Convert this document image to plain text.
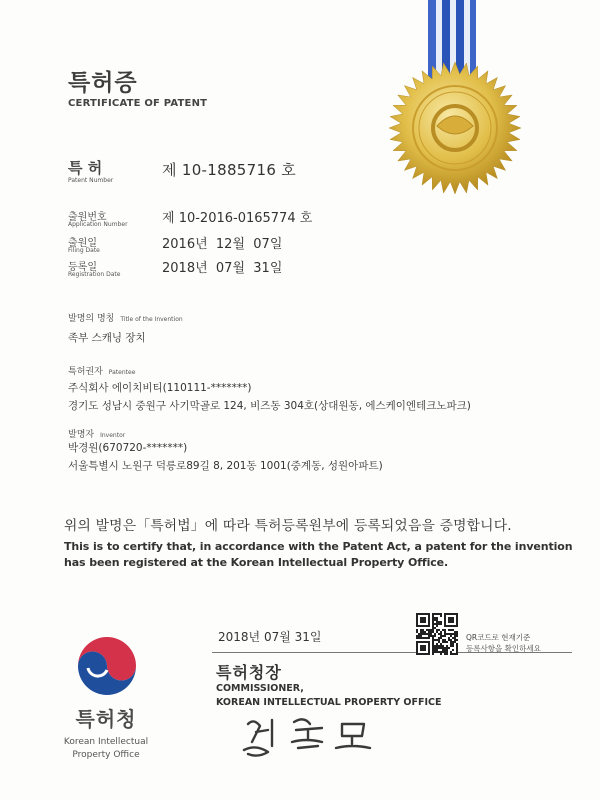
특허증
CERTIFICATE OF PATENT
특 허
Patent Number
제 10-1885716 호
출원번호
Application Number	제 10-2016-0165774 호
출원일
Filing Date	2016년  12월  07일
등록일
Registration Date	2018년  07월  31일
발명의 명칭 Title of the Invention
족부 스캐닝 장치
특허권자 Patentee
주식회사 에이치비티(110111-*******)
경기도 성남시 중원구 사기막골로 124, 비즈동 304호(상대원동, 에스케이엔테크노파크)
발명자 Inventor
박경원(670720-*******)
서울특별시 노원구 덕릉로89길 8, 201동 1001(중계동, 성원아파트)
위의 발명은「특허법」에 따라 특허등록원부에 등록되었음을 증명합니다.
This is to certify that, in accordance with the Patent Act, a patent for the invention
has been registered at the Korean Intellectual Property Office.
2018년 07월 31일	QR코드로 현재기준
등록사항을 확인하세요
특허청장
COMMISSIONER,
KOREAN INTELLECTUAL PROPERTY OFFICE
특허청
Korean Intellectual
Property Office
